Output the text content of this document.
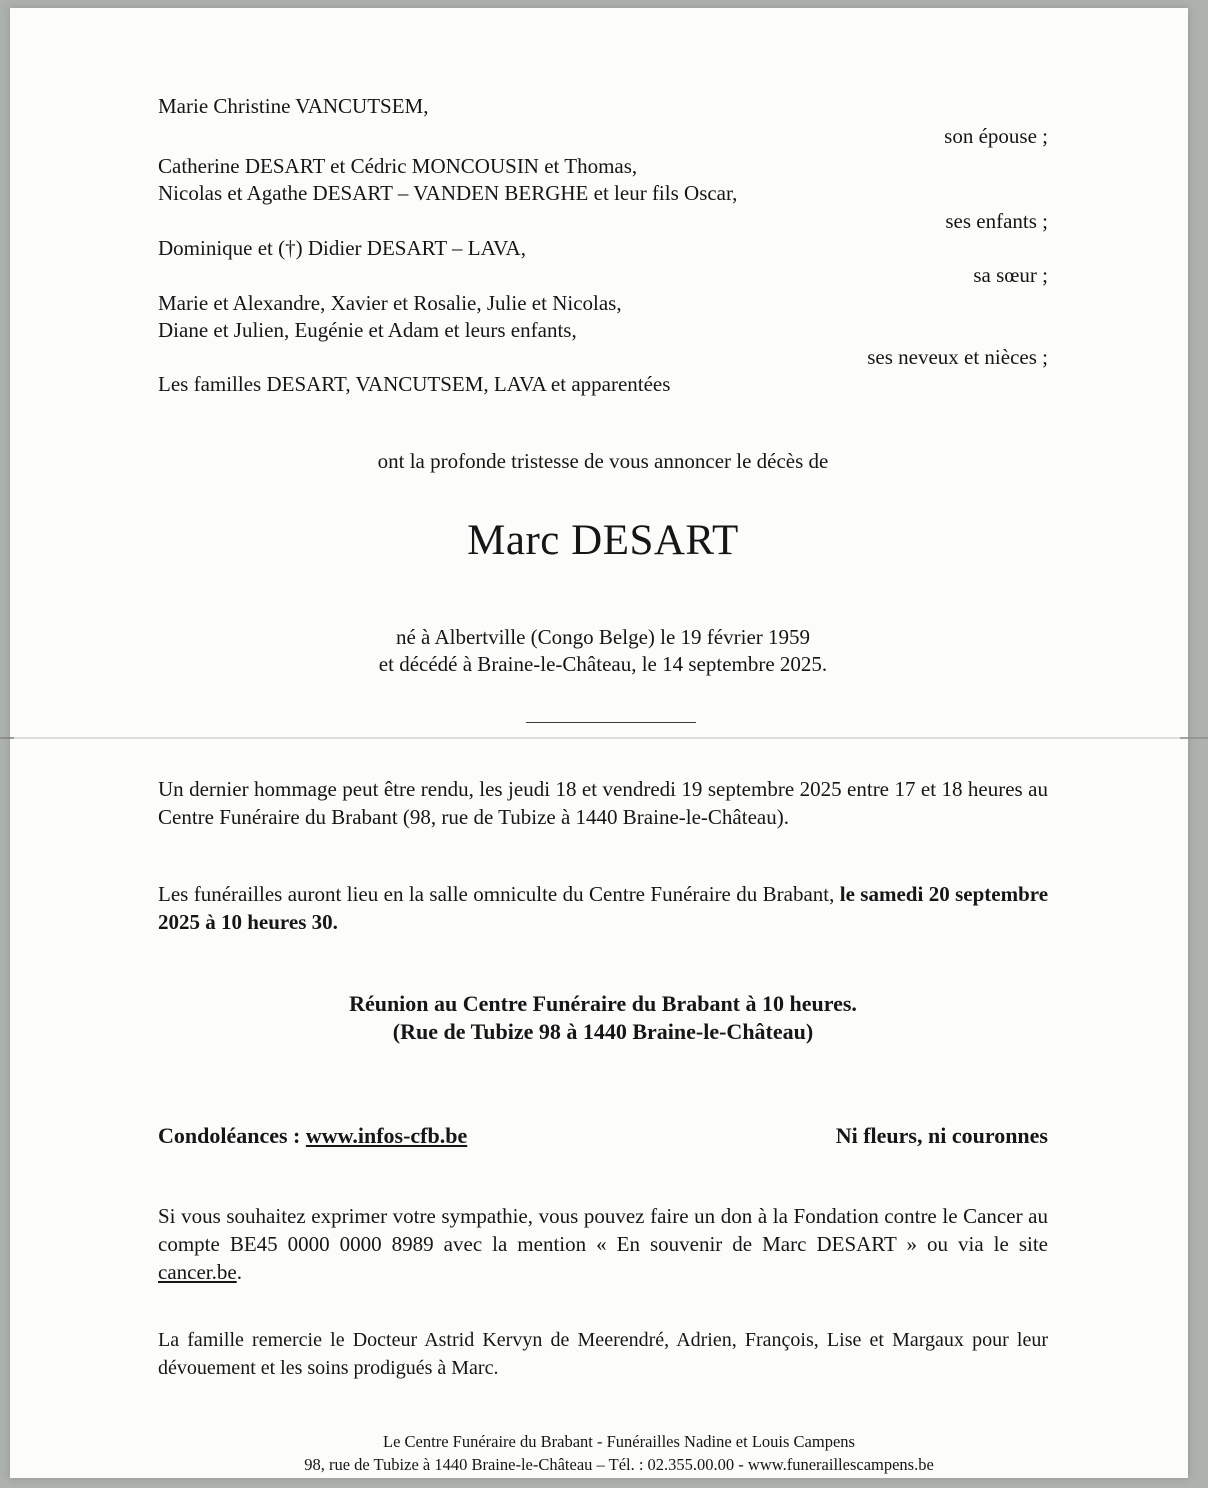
Marie Christine VANCUTSEM,
son épouse ;
Catherine DESART et Cédric MONCOUSIN et Thomas,
Nicolas et Agathe DESART – VANDEN BERGHE et leur fils Oscar,
ses enfants ;
Dominique et (†) Didier DESART – LAVA,
sa sœur ;
Marie et Alexandre, Xavier et Rosalie, Julie et Nicolas,
Diane et Julien, Eugénie et Adam et leurs enfants,
ses neveux et nièces ;
Les familles DESART, VANCUTSEM, LAVA et apparentées
ont la profonde tristesse de vous annoncer le décès de
Marc DESART
né à Albertville (Congo Belge) le 19 février 1959
et décédé à Braine-le-Château, le 14 septembre 2025.
Un dernier hommage peut être rendu, les jeudi 18 et vendredi 19 septembre 2025 entre 17 et 18 heures au Centre Funéraire du Brabant (98, rue de Tubize à 1440 Braine-le-Château).
Les funérailles auront lieu en la salle omniculte du Centre Funéraire du Brabant, le samedi 20 septembre 2025 à 10 heures 30.
Réunion au Centre Funéraire du Brabant à 10 heures.
(Rue de Tubize 98 à 1440 Braine-le-Château)
Condoléances : www.infos-cfb.be	Ni fleurs, ni couronnes
Si vous souhaitez exprimer votre sympathie, vous pouvez faire un don à la Fondation contre le Cancer au compte BE45 0000 0000 8989 avec la mention « En souvenir de Marc DESART » ou via le site cancer.be.
La famille remercie le Docteur Astrid Kervyn de Meerendré, Adrien, François, Lise et Margaux pour leur dévouement et les soins prodigués à Marc.
Le Centre Funéraire du Brabant - Funérailles Nadine et Louis Campens
98, rue de Tubize à 1440 Braine-le-Château – Tél. : 02.355.00.00 - www.funeraillescampens.be
